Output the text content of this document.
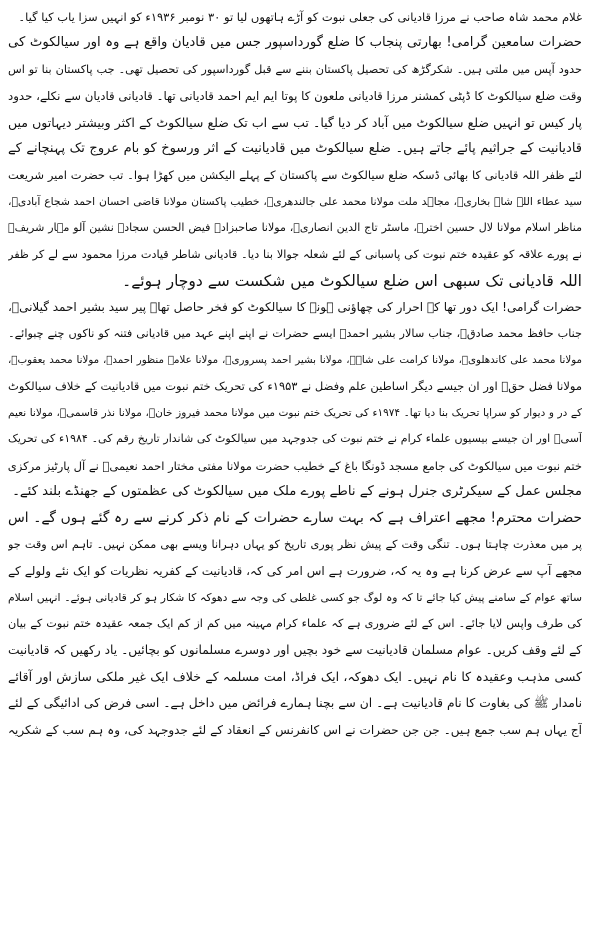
غلام محمد شاہ صاحب نے مرزا قادیانی کی جعلی نبوت کو آڑے ہاتھوں لیا تو ۳۰ نومبر ۱۹۳۶ء کو انہیں سزا یاب کیا گیا۔
حضرات سامعین گرامی! بھارتی پنجاب کا ضلع گورداسپور جس میں قادیان واقع ہے وہ اور سیالکوٹ کی
حدود آپس میں ملتی ہیں۔ شکرگڑھ کی تحصیل پاکستان بننے سے قبل گورداسپور کی تحصیل تھی۔ جب پاکستان بنا تو اس
وقت ضلع سیالکوٹ کا ڈپٹی کمشنر مرزا قادیانی ملعون کا پوتا ایم ایم احمد قادیانی تھا۔ قادیانی قادیان سے نکلے، حدود
پار کیس تو انہیں ضلع سیالکوٹ میں آباد کر دیا گیا۔ تب سے اب تک ضلع سیالکوٹ کے اکثر وبیشتر دیہاتوں میں
قادیانیت کے جراثیم پائے جاتے ہیں۔ ضلع سیالکوٹ میں قادیانیت کے اثر ورسوخ کو بام عروج تک پہنچانے کے
لئے ظفر اللہ قادیانی کا بھائی ڈسکہ ضلع سیالکوٹ سے پاکستان کے پہلے الیکشن میں کھڑا ہوا۔ تب حضرت امیر شریعت
سید عطاء اللہ شاہ بخاریؒ، مجاہد ملت مولانا محمد علی جالندھریؒ، خطیب پاکستان مولانا قاضی احسان احمد شجاع آبادیؒ،
مناظر اسلام مولانا لال حسین اخترؒ، ماسٹر تاج الدین انصاریؒ، مولانا صاحبزادہ فیض الحسن سجادہ نشین آلو مہار شریفؒ
نے پورے علاقہ کو عقیدہ ختم نبوت کی پاسبانی کے لئے شعلہ جوالا بنا دیا۔ قادیانی شاطر قیادت مرزا محمود سے لے کر ظفر
اللہ قادیانی تک سبھی اس ضلع سیالکوٹ میں شکست سے دوچار ہوئے۔
حضرات گرامی! ایک دور تھا کہ احرار کی چھاؤنی ہونے کا سیالکوٹ کو فخر حاصل تھا۔ پیر سید بشیر احمد گیلانیؒ،
جناب حافظ محمد صادقؒ، جناب سالار بشیر احمدؒ ایسے حضرات نے اپنے اپنے عہد میں قادیانی فتنہ کو ناکوں چنے چبوائے۔
مولانا محمد علی کاندھلویؒ، مولانا کرامت علی شاہؒ، مولانا بشیر احمد پسروریؒ، مولانا علامہ منظور احمدؒ، مولانا محمد یعقوبؒ،
مولانا فضل حقؒ اور ان جیسے دیگر اساطین علم وفضل نے ۱۹۵۳ء کی تحریک ختم نبوت میں قادیانیت کے خلاف سیالکوٹ
کے در و دیوار کو سراپا تحریک بنا دیا تھا۔ ۱۹۷۴ء کی تحریک ختم نبوت میں مولانا محمد فیروز خانؒ، مولانا نذر قاسمیؒ، مولانا نعیم
آسیؒ اور ان جیسے بیسیوں علماء کرام نے ختم نبوت کی جدوجہد میں سیالکوٹ کی شاندار تاریخ رقم کی۔ ۱۹۸۴ء کی تحریک
ختم نبوت میں سیالکوٹ کی جامع مسجد ڈونگا باغ کے خطیب حضرت مولانا مفتی مختار احمد نعیمیؒ نے آل پارٹیز مرکزی
مجلس عمل کے سیکرٹری جنرل ہونے کے ناطے پورے ملک میں سیالکوٹ کی عظمتوں کے جھنڈے بلند کئے۔
حضرات محترم! مجھے اعتراف ہے کہ بہت سارے حضرات کے نام ذکر کرنے سے رہ گئے ہوں گے۔ اس
پر میں معذرت چاہتا ہوں۔ تنگی وقت کے پیش نظر پوری تاریخ کو یہاں دہرانا ویسے بھی ممکن نہیں۔ تاہم اس وقت جو
مجھے آپ سے عرض کرنا ہے وہ یہ کہ، ضرورت ہے اس امر کی کہ، قادیانیت کے کفریہ نظریات کو ایک نئے ولولے کے
ساتھ عوام کے سامنے پیش کیا جائے تا کہ وہ لوگ جو کسی غلطی کی وجہ سے دھوکہ کا شکار ہو کر قادیانی ہوئے۔ انہیں اسلام
کی طرف واپس لایا جائے۔ اس کے لئے ضروری ہے کہ علماء کرام مہینہ میں کم از کم ایک جمعہ عقیدہ ختم نبوت کے بیان
کے لئے وقف کریں۔ عوام مسلمان قادیانیت سے خود بچیں اور دوسرے مسلمانوں کو بچائیں۔ یاد رکھیں کہ قادیانیت
کسی مذہب وعقیدہ کا نام نہیں۔ ایک دھوکہ، ایک فراڈ، امت مسلمہ کے خلاف ایک غیر ملکی سازش اور آقائے
نامدار ﷺ کی بغاوت کا نام قادیانیت ہے۔ ان سے بچنا ہمارے فرائض میں داخل ہے۔ اسی فرض کی ادائیگی کے لئے
آج یہاں ہم سب جمع ہیں۔ جن جن حضرات نے اس کانفرنس کے انعقاد کے لئے جدوجہد کی، وہ ہم سب کے شکریہ
